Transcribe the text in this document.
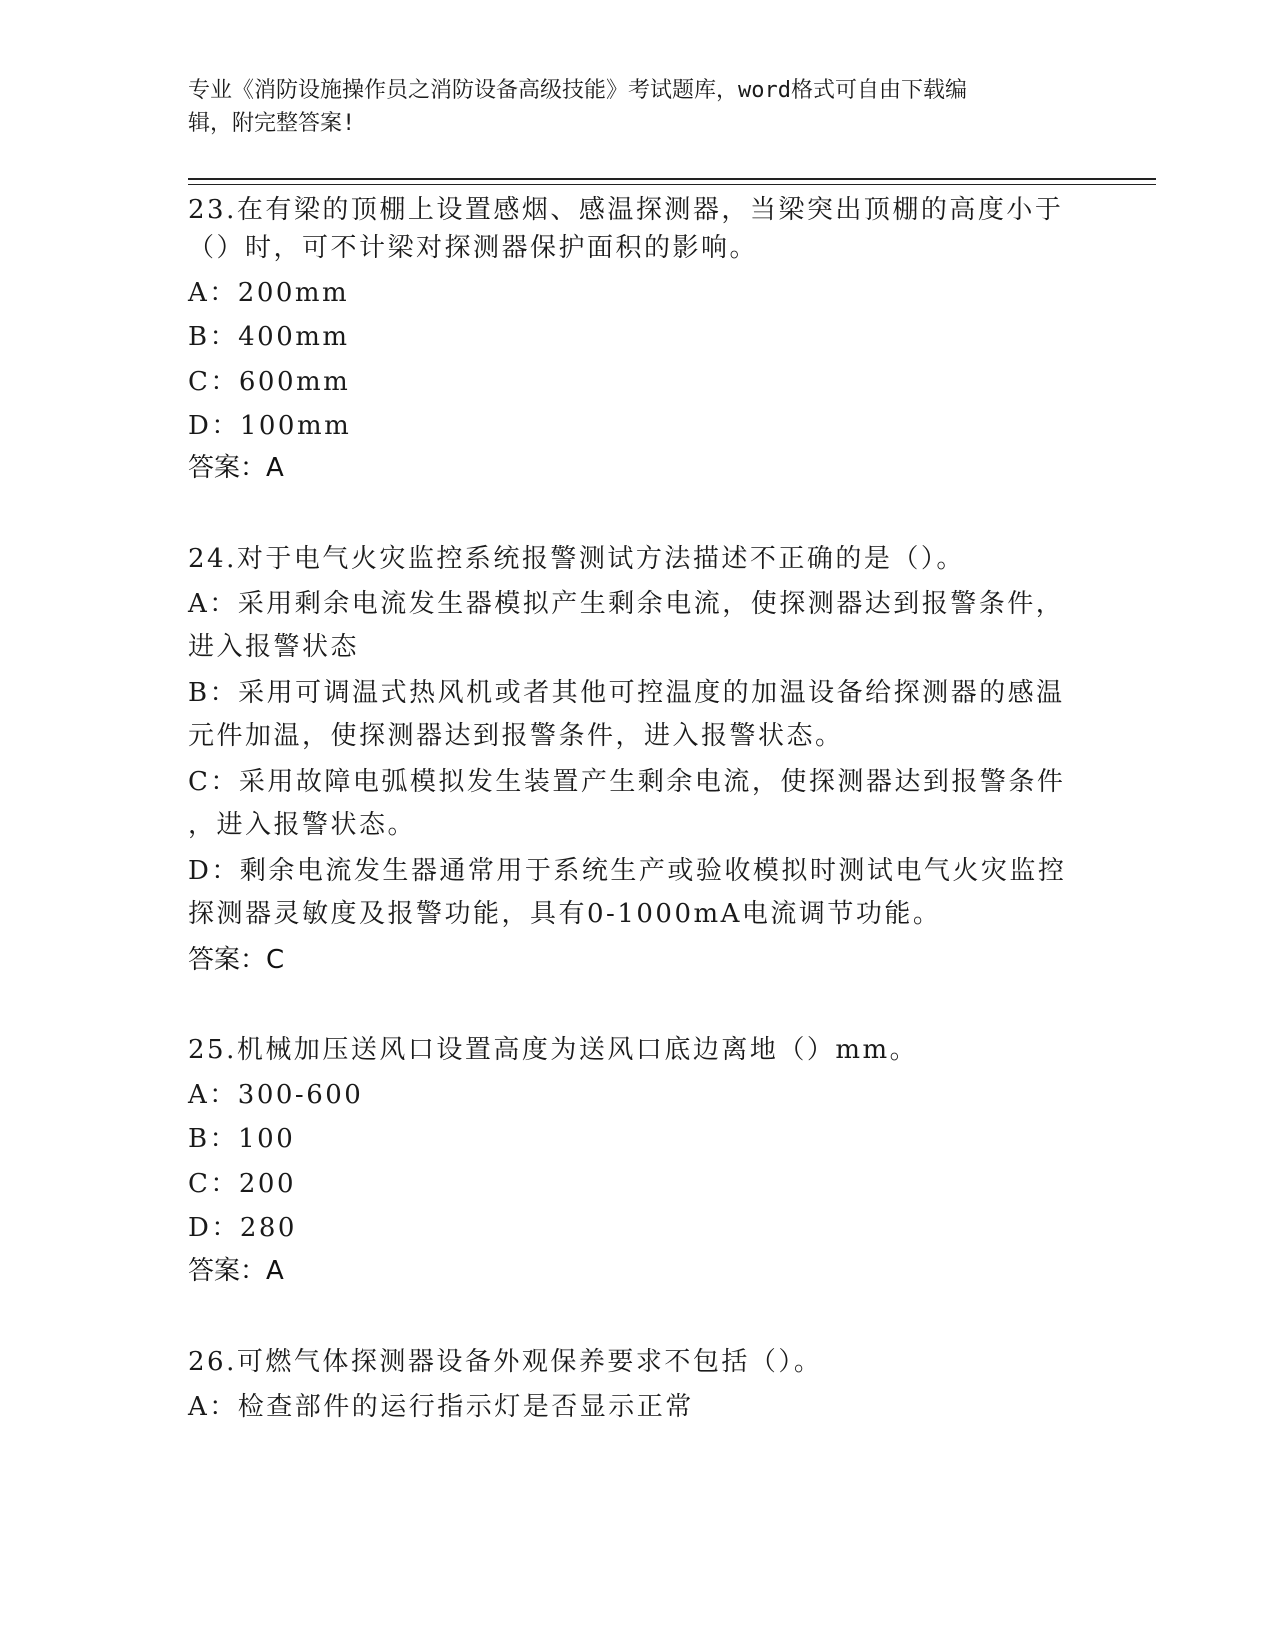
专业《消防设施操作员之消防设备高级技能》考试题库，word格式可自由下载编
辑，附完整答案!
23.在有梁的顶棚上设置感烟、感温探测器，当梁突出顶棚的高度小于
（）时，可不计梁对探测器保护面积的影响。
A：200mm
B：400mm
C：600mm
D：100mm
答案：A
24.对于电气火灾监控系统报警测试方法描述不正确的是（）。
A：采用剩余电流发生器模拟产生剩余电流，使探测器达到报警条件，
进入报警状态
B：采用可调温式热风机或者其他可控温度的加温设备给探测器的感温
元件加温，使探测器达到报警条件，进入报警状态。
C：采用故障电弧模拟发生装置产生剩余电流，使探测器达到报警条件
，进入报警状态。
D：剩余电流发生器通常用于系统生产或验收模拟时测试电气火灾监控
探测器灵敏度及报警功能，具有0-1000mA电流调节功能。
答案：C
25.机械加压送风口设置高度为送风口底边离地（）mm。
A：300-600
B：100
C：200
D：280
答案：A
26.可燃气体探测器设备外观保养要求不包括（）。
A：检查部件的运行指示灯是否显示正常
